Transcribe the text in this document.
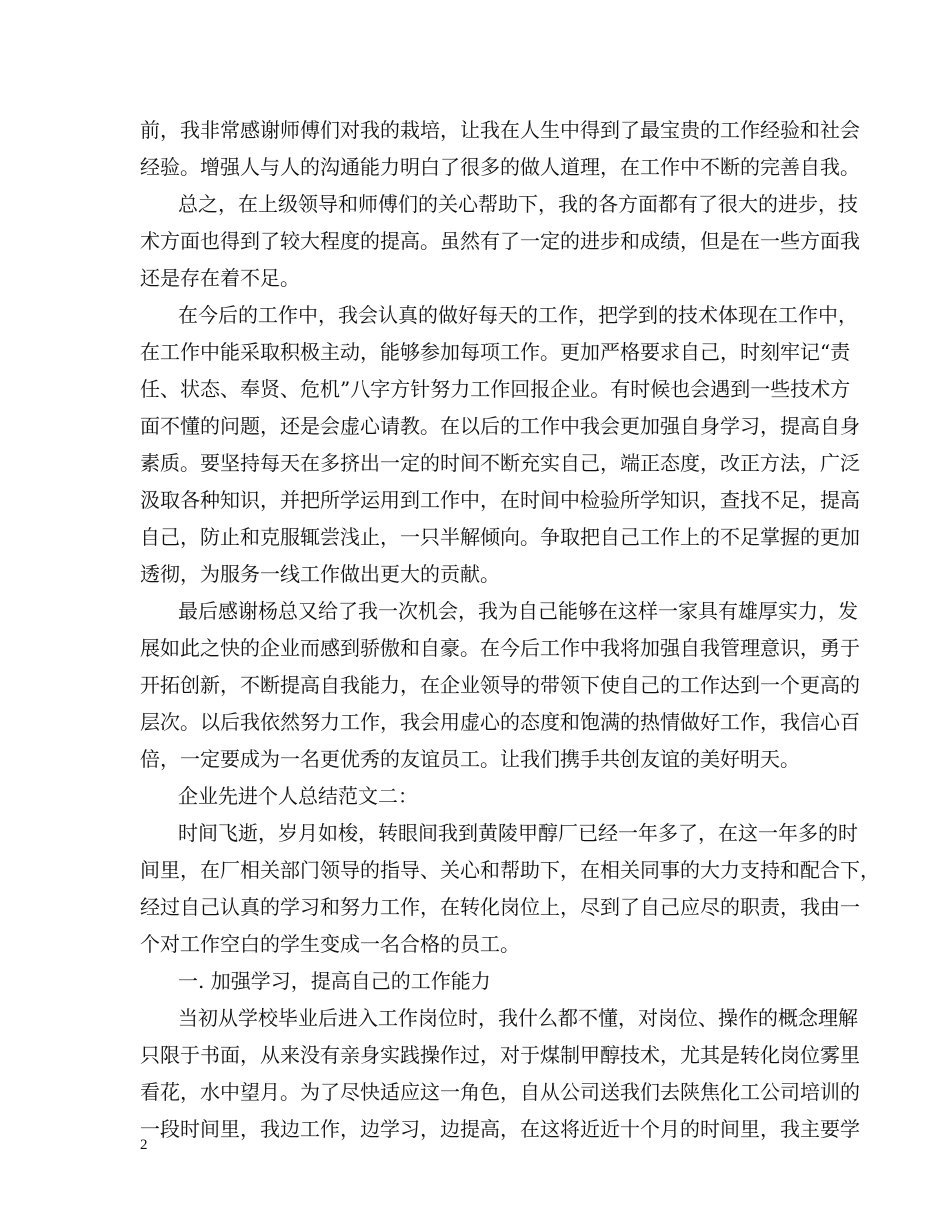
前，我非常感谢师傅们对我的栽培，让我在人生中得到了最宝贵的工作经验和社会
经验。增强人与人的沟通能力明白了很多的做人道理，在工作中不断的完善自我。
总之，在上级领导和师傅们的关心帮助下，我的各方面都有了很大的进步，技
术方面也得到了较大程度的提高。虽然有了一定的进步和成绩，但是在一些方面我
还是存在着不足。
在今后的工作中，我会认真的做好每天的工作，把学到的技术体现在工作中，
在工作中能采取积极主动，能够参加每项工作。更加严格要求自己，时刻牢记“责
任、状态、奉贤、危机”八字方针努力工作回报企业。有时候也会遇到一些技术方
面不懂的问题，还是会虚心请教。在以后的工作中我会更加强自身学习，提高自身
素质。要坚持每天在多挤出一定的时间不断充实自己，端正态度，改正方法，广泛
汲取各种知识，并把所学运用到工作中，在时间中检验所学知识，查找不足，提高
自己，防止和克服辄尝浅止，一只半解倾向。争取把自己工作上的不足掌握的更加
透彻，为服务一线工作做出更大的贡献。
最后感谢杨总又给了我一次机会，我为自己能够在这样一家具有雄厚实力，发
展如此之快的企业而感到骄傲和自豪。在今后工作中我将加强自我管理意识，勇于
开拓创新，不断提高自我能力，在企业领导的带领下使自己的工作达到一个更高的
层次。以后我依然努力工作，我会用虚心的态度和饱满的热情做好工作，我信心百
倍，一定要成为一名更优秀的友谊员工。让我们携手共创友谊的美好明天。
企业先进个人总结范文二：
时间飞逝，岁月如梭，转眼间我到黄陵甲醇厂已经一年多了，在这一年多的时
间里，在厂相关部门领导的指导、关心和帮助下，在相关同事的大力支持和配合下，
经过自己认真的学习和努力工作，在转化岗位上，尽到了自己应尽的职责，我由一
个对工作空白的学生变成一名合格的员工。
一. 加强学习，提高自己的工作能力
当初从学校毕业后进入工作岗位时，我什么都不懂，对岗位、操作的概念理解
只限于书面，从来没有亲身实践操作过，对于煤制甲醇技术，尤其是转化岗位雾里
看花，水中望月。为了尽快适应这一角色，自从公司送我们去陕焦化工公司培训的
一段时间里，我边工作，边学习，边提高，在这将近近十个月的时间里，我主要学
2
